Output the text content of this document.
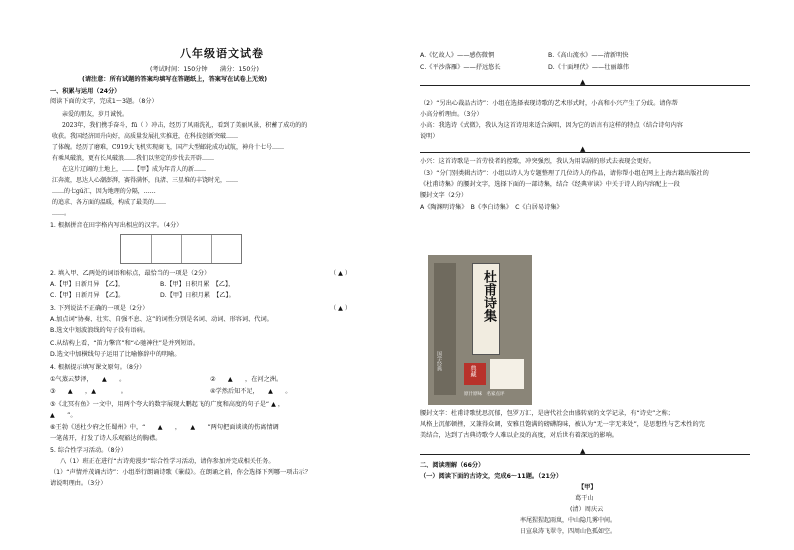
八年级语文试卷
(考试时间：150分钟　　满分：150分)
(请注意：所有试题的答案均填写在答题纸上，答案写在试卷上无效)
一、积累与运用（24分）
阅读下面的文字，完成1～3题。（8分）
亲爱的朋友，岁月诚悦。
2023年，我们携手奋斗，fū（ ）冲击，经历了风雨洗礼，看到了美丽风景，积蓄了成功的的
收获。我国经济回升向好，高质量发展扎实推进，在科技创新突破……
了体魄。经历了磨难，C919大飞机实现商飞，国产大型邮轮成功试航，神舟十七号……
有乘风破浪，更有长风破浪……我们以坚定的步伐去开辟……
在这片辽阔的土地上，……【甲】成为年青人的新……
江奔流，思达人心潮澎湃，赛得满怀，良渚、三星堆的丰饶时光，……
……的七gǔ汇，因为地理的分隔，……
的追求、各方面的温暖，构成了最美的……
……。
1. 根据拼音在田字格内写出相应的汉字。（4分）
2. 填入甲、乙两处的词语和标点，最恰当的一项是（2分）	（ ▲ ）
A.【甲】日新月异　【乙】，	B.【甲】日积月累　【乙】，
C.【甲】日新月异　【乙】。	D.【甲】日积月累　【乙】。
3. 下列说法不正确的一项是（2分）	（ ▲ ）
A.加点词“协奏、壮实、自强不息、这”的词性分别是名词、动词、形容词、代词。
B.选文中划波浪线的句子没有语病。
C.从结构上看，“笛力擎宫”和“心驰神往”是并列短语。
D.选文中加横线句子运用了比喻修辞中的明喻。
4. 根据提示填写课文原句。（8分）
①气蒸云梦泽，　　▲　　。	②　　▲　　，在河之洲。
③　　▲　　，▲　　　　。	④学然后知不足，　　▲　　。
⑤《北冥有鱼》一文中，用两个夸大的数字展现大鹏起飞的广度和高度的句子是“ ▲ ，
▲　　”。
⑥王勃《送杜少府之任蜀州》中，“　　▲　　，　　▲　　”两句把面谈谈的伤离情调
一笔荡开，打发了诗人乐观豁达的胸襟。
5. 综合性学习活动。（8分）
八（1）班正在进行“古诗苑漫步”综合性学习活动，请你参加并完成相关任务。
（1）“声情并茂诵古诗”：小组举行朗诵诗歌《蒹葭》。在朗诵之前，你会选择下列哪一项击示？
请说明理由。（3分）
A.《忆故人》——感伤微惘	B.《高山流水》——清新明快
C.《平沙落雁》——抒远悠长	D.《十面埋伏》——壮丽雄伟
▲
（2）“另出心裁品古诗”：小组在选择表现诗歌的艺术形式时，小高和小兴产生了分歧。请你帮
小高分析理由。（3分）
小高：我选诗《式微》，我认为这首诗用来适合演唱，因为它的语言有这样的特点（结合诗句内容
说明）
▲
小兴：这首诗歌是一首劳役者的控歌，冲突强烈，我认为用话剧的形式去表现会更好。
（3）“分门别类辑古诗”：小组以诗人为专题整理了几位诗人的作品，请你帮小组在网上上海古籍出版社的
《杜甫诗集》的腰封文字，选择下面的一部诗集，结合《经典审读》中关于诗人的内容配上一段
腰封文字（2分）
A《陶渊明诗集》　B《李白诗集》　C《白居易诗集》
杜甫诗集
国学经典	典藏
原汁原味　名家点评
腰封文字：杜甫诗歌忧思沉郁，包罗万汇，是唐代社会由盛转衰的文学记录，有“诗史”之称；
风格上沉郁顿挫，又兼得众调，安雅且饱满的磅礴韵味，被认为“无一字无来处”，是思想性与艺术性的完
美结合，达到了古典诗歌令人难以企及的高度，对后世有着深远的影响。
▲
二、阅读理解（66分）
（一）阅读下面的古诗文，完成6～11题。（21分）
【甲】
葛干山
(清）周庆云
率尾猩猩起雨岚，中山隐几雾中间。
日宣泉涛飞翠寺，四周山色孤如空。
